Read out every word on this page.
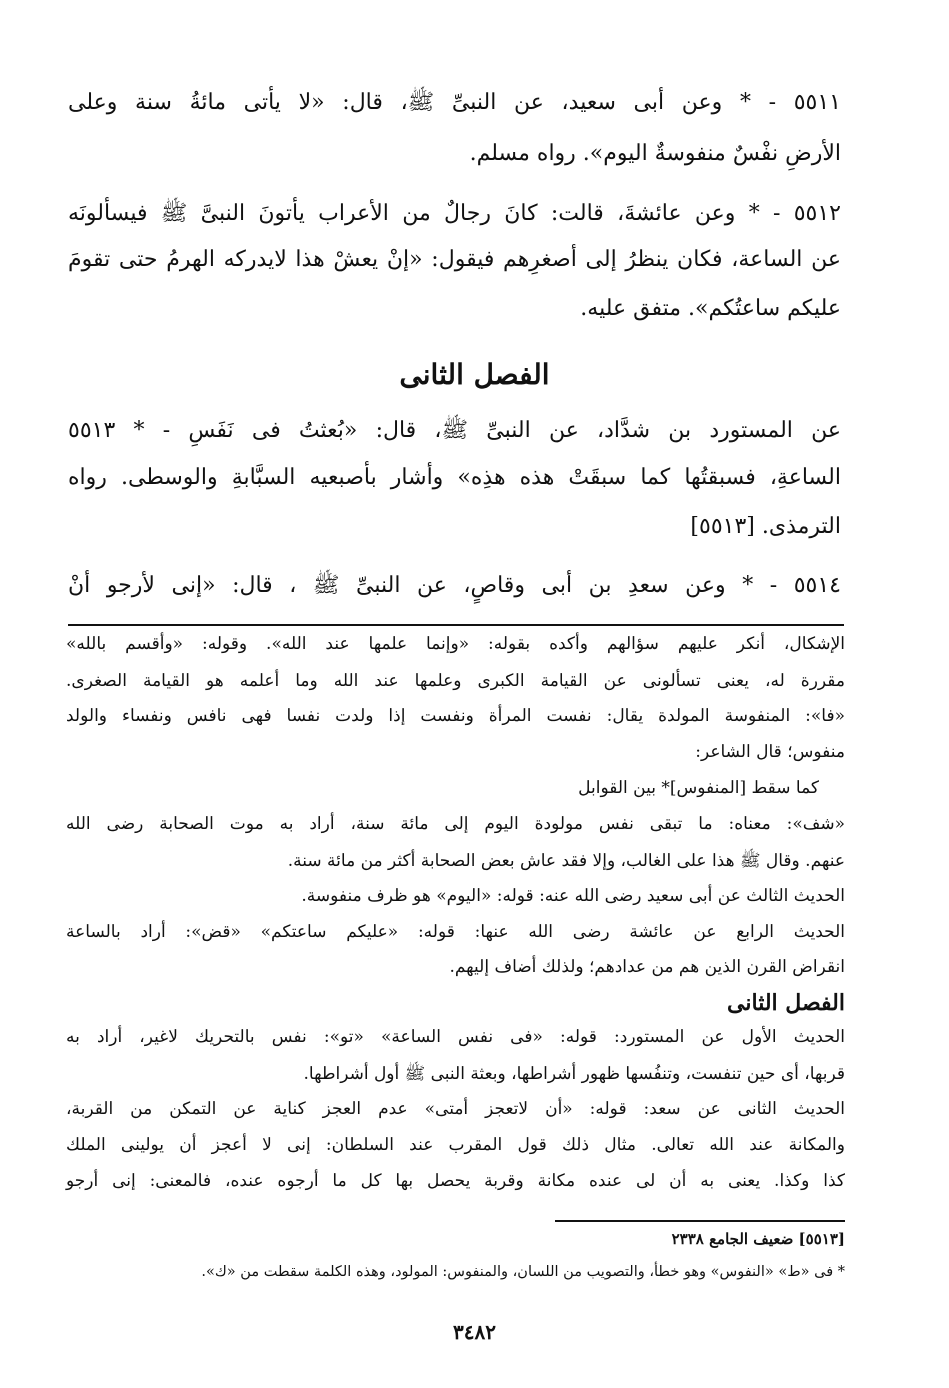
٥٥١١ - * وعن أبى سعيد، عن النبىِّ ﷺ، قال: «لا يأتى مائةُ سنة وعلى
الأرضِ نفْسٌ منفوسةٌ اليوم». رواه مسلم.
٥٥١٢ - * وعن عائشةَ، قالت: كانَ رجالٌ من الأعراب يأتونَ النبىَّ ﷺ فيسألونَه
عن الساعة، فكان ينظرُ إلى أصغرِهم فيقول: «إنْ يعشْ هذا لايدركه الهرمُ حتى تقومَ
عليكم ساعتُكم». متفق عليه.
الفصل الثانى
عن المستورد بن شدَّاد، عن النبىِّ ﷺ، قال: «بُعثتُ فى نَفَسِ - * ٥٥١٣
الساعةِ، فسبقتُها كما سبقَتْ هذه هذِه» وأشار بأصبعيه السبَّابةِ والوسطى. رواه
الترمذى. [٥٥١٣]
٥٥١٤ - * وعن سعدِ بن أبى وقاصٍ، عن النبىِّ ﷺ ، قال: «إنى لأرجو أنْ
الإشكال، أنكر عليهم سؤالهم وأكده بقوله: «وإنما علمها عند الله». وقوله: «وأقسم بالله»
مقررة له، يعنى تسألونى عن القيامة الكبرى وعلمها عند الله وما أعلمه هو القيامة الصغرى.
«فا»: المنفوسة المولدة يقال: نفست المرأة ونفست إذا ولدت نفسا فهى نافس ونفساء والولد
منفوس؛ قال الشاعر:
كما سقط [المنفوس]* بين القوابل
«شف»: معناه: ما تبقى نفس مولودة اليوم إلى مائة سنة، أراد به موت الصحابة رضى الله
عنهم. وقال ﷺ هذا على الغالب، وإلا فقد عاش بعض الصحابة أكثر من مائة سنة.
الحديث الثالث عن أبى سعيد رضى الله عنه: قوله: «اليوم» هو ظرف منفوسة.
الحديث الرابع عن عائشة رضى الله عنها: قوله: «عليكم ساعتكم» «قض»: أراد بالساعة
انقراض القرن الذين هم من عدادهم؛ ولذلك أضاف إليهم.
الفصل الثانى
الحديث الأول عن المستورد: قوله: «فى نفس الساعة» «تو»: نفس بالتحريك لاغير، أراد به
قربها، أى حين تنفست، وتنفُسها ظهور أشراطها، وبعثة النبى ﷺ أول أشراطها.
الحديث الثانى عن سعد: قوله: «أن لاتعجز أمتى» عدم العجز كناية عن التمكن من القربة،
والمكانة عند الله تعالى. مثال ذلك قول المقرب عند السلطان: إنى لا أعجز أن يولينى الملك
كذا وكذا. يعنى به أن لى عنده مكانة وقربة يحصل بها كل ما أرجوه عنده، فالمعنى: إنى أرجو
[٥٥١٣] ضعيف الجامع ٢٣٣٨
* فى «ط» «النفوس» وهو خطأ، والتصويب من اللسان، والمنفوس: المولود، وهذه الكلمة سقطت من «ك».
٣٤٨٢
